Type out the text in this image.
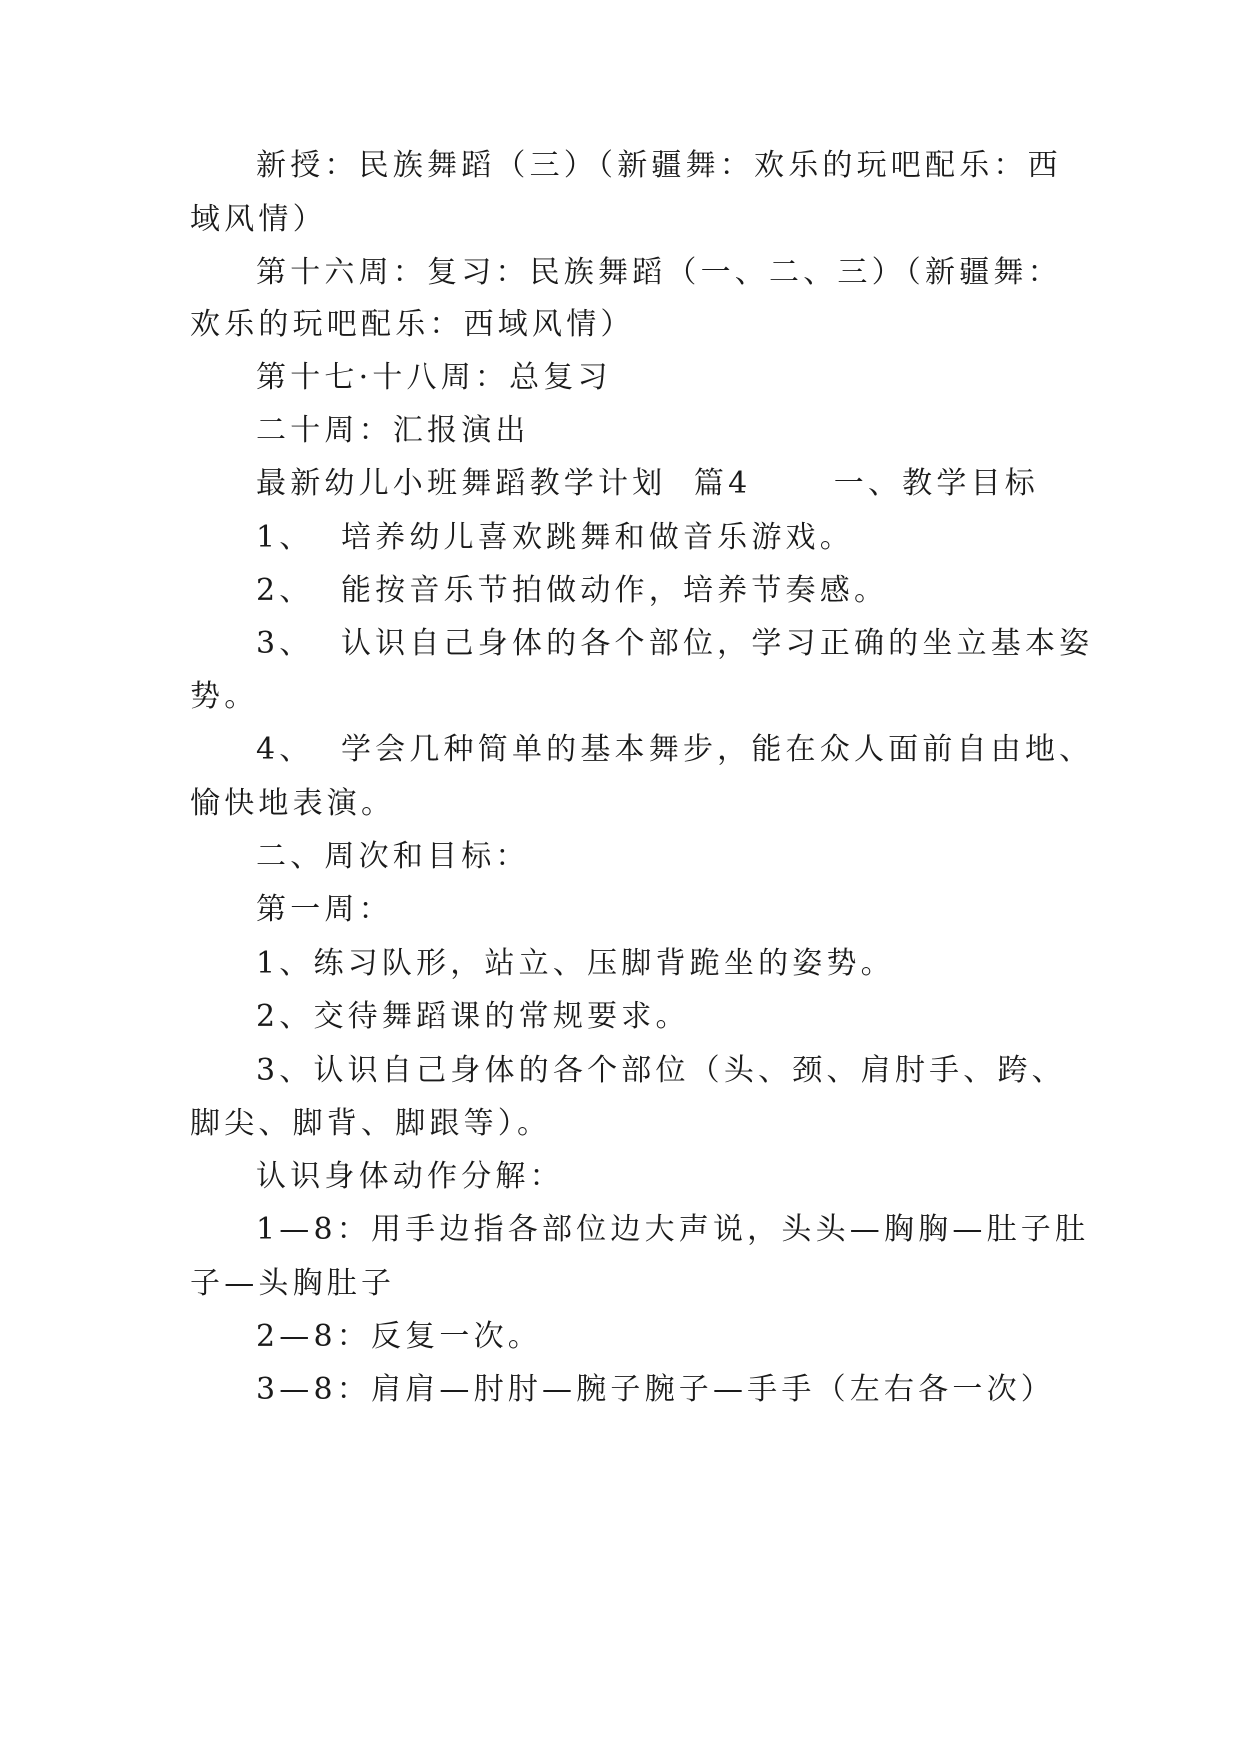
新授：民族舞蹈（三）（新疆舞：欢乐的玩吧配乐：西
域风情）
第十六周：复习：民族舞蹈（一、二、三）（新疆舞：
欢乐的玩吧配乐：西域风情）
第十七·十八周：总复习
二十周：汇报演出
最新幼儿小班舞蹈教学计划  篇4      一、教学目标
1、  培养幼儿喜欢跳舞和做音乐游戏。
2、  能按音乐节拍做动作，培养节奏感。
3、  认识自己身体的各个部位，学习正确的坐立基本姿
势。
4、  学会几种简单的基本舞步，能在众人面前自由地、
愉快地表演。
二、周次和目标：
第一周：
1、练习队形，站立、压脚背跪坐的姿势。
2、交待舞蹈课的常规要求。
3、认识自己身体的各个部位（头、颈、肩肘手、跨、
脚尖、脚背、脚跟等）。
认识身体动作分解：
1—8：用手边指各部位边大声说，头头—胸胸—肚子肚
子—头胸肚子
2—8：反复一次。
3—8：肩肩—肘肘—腕子腕子—手手（左右各一次）
